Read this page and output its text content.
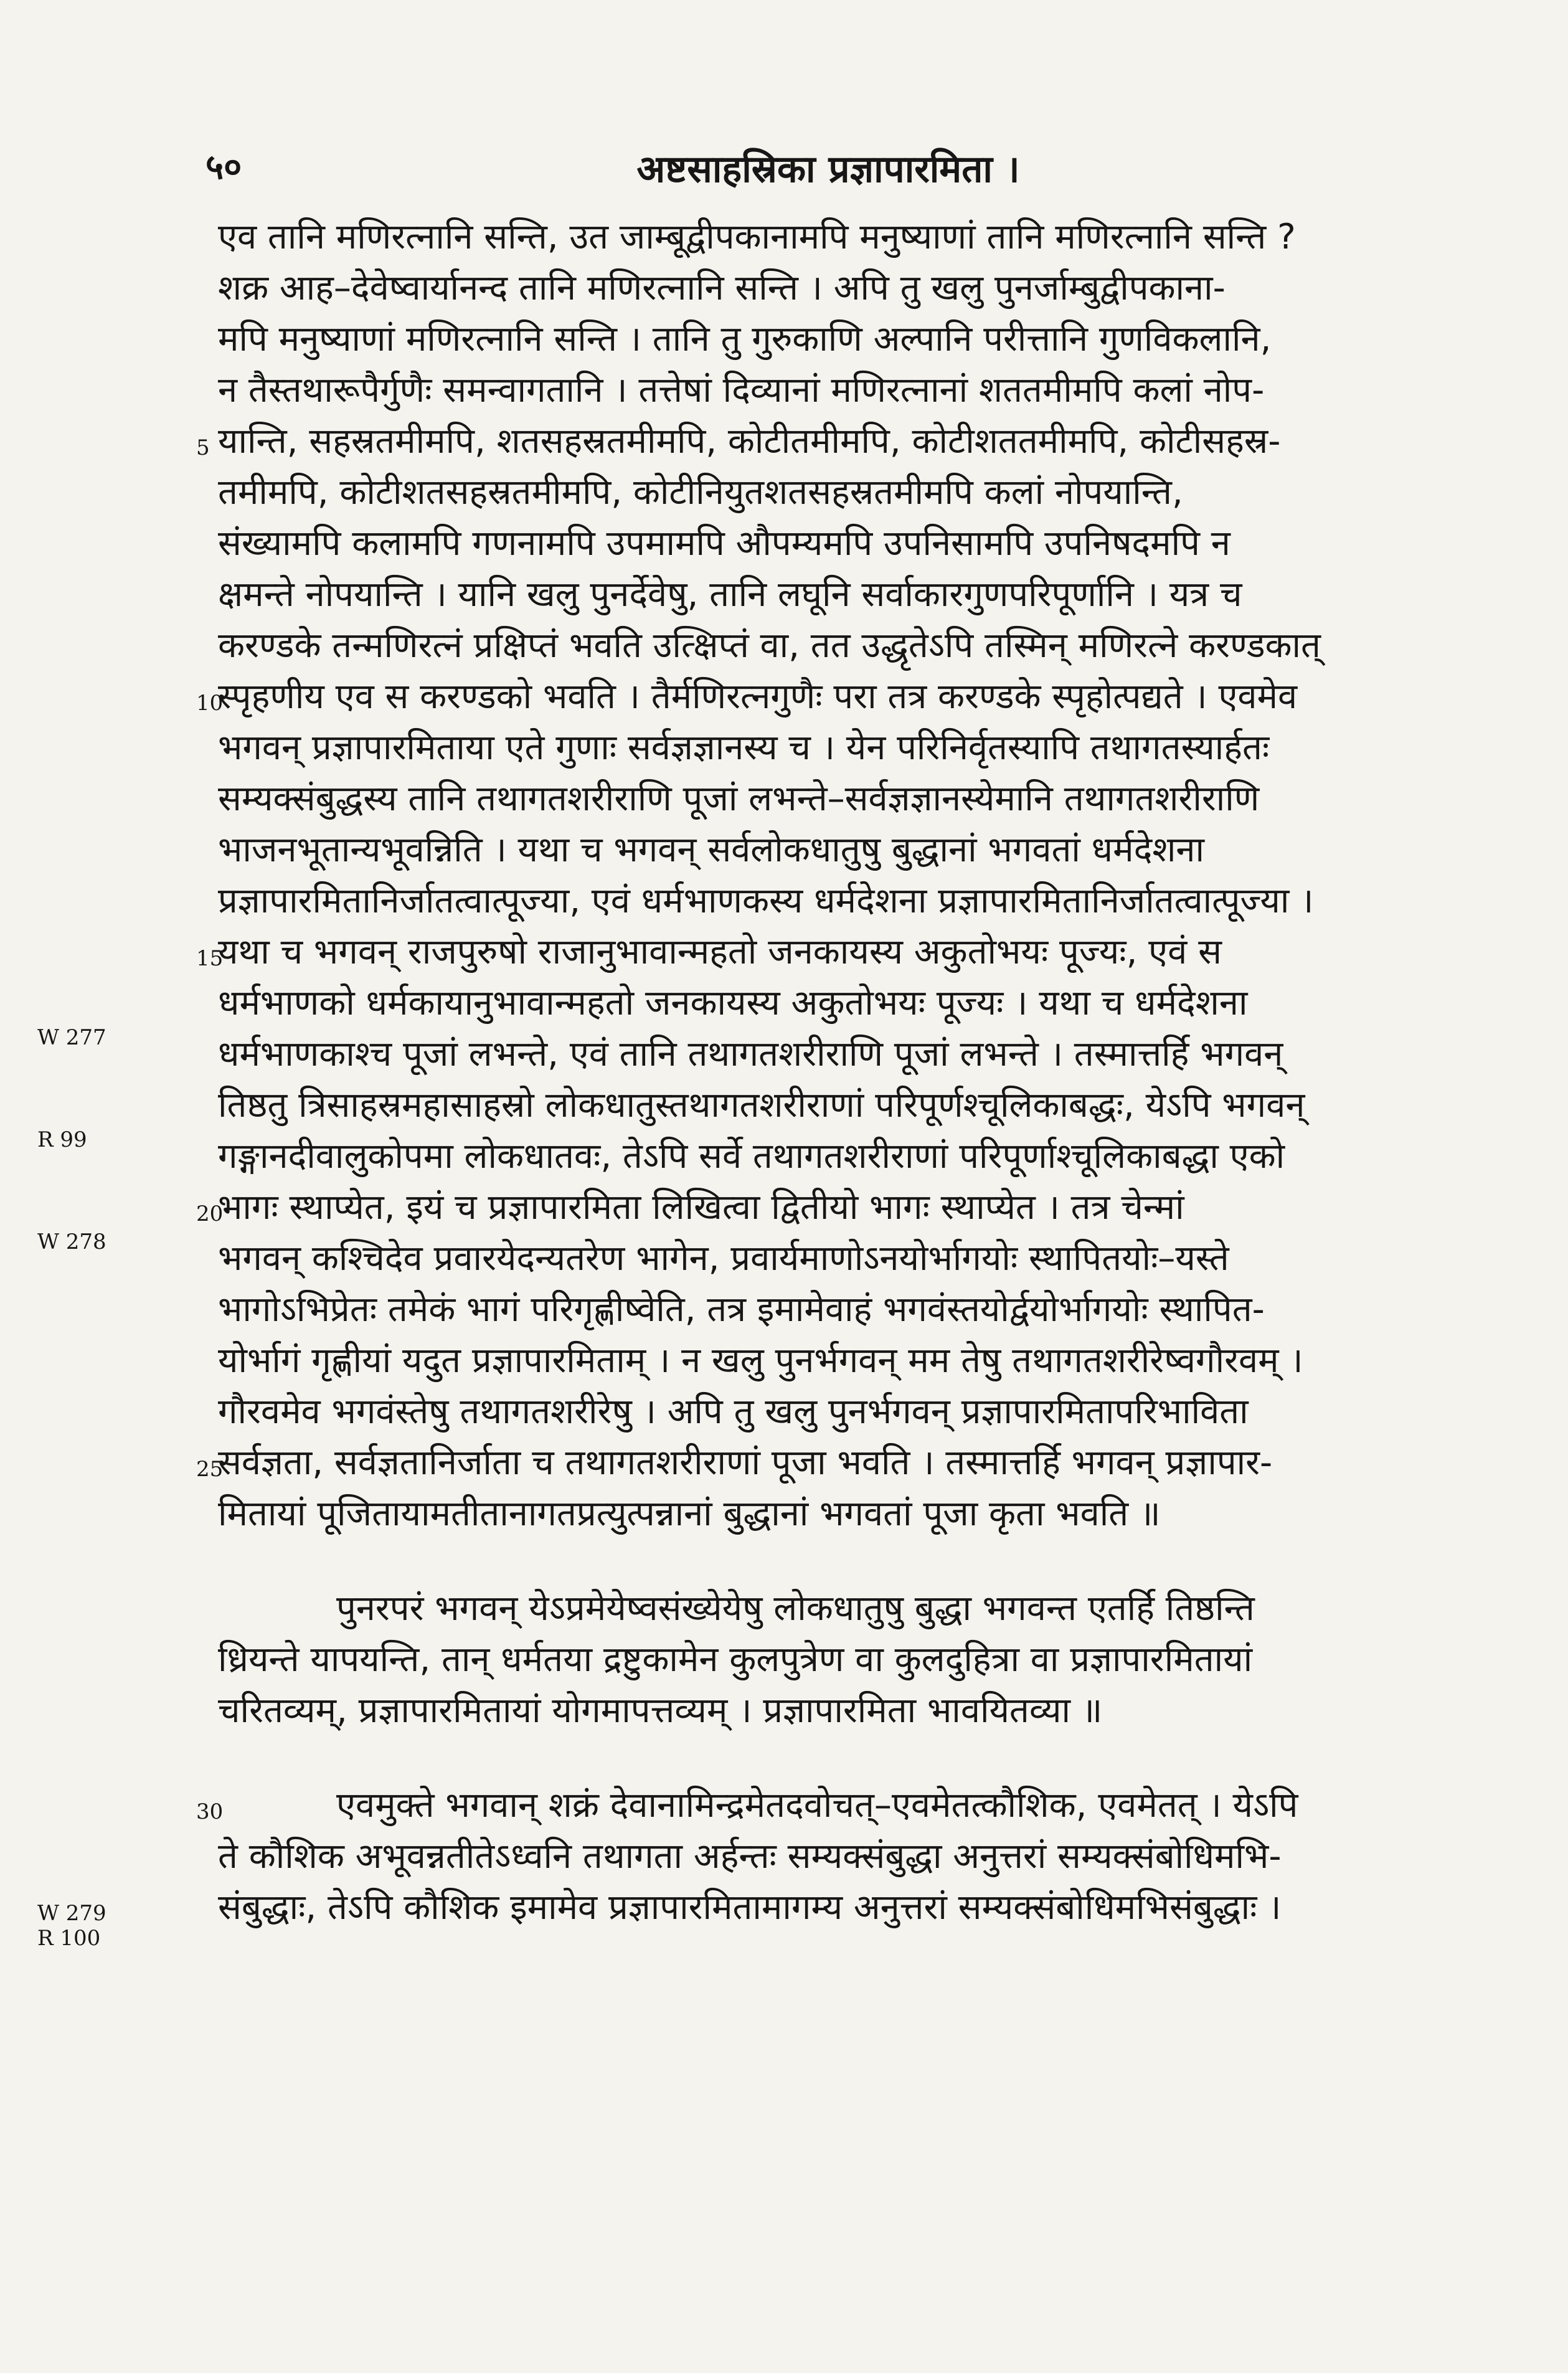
५०	अष्टसाहस्रिका प्रज्ञापारमिता ।
W 277
R 99
W 278
W 279
R 100
एव तानि मणिरत्नानि सन्ति, उत जाम्बूद्वीपकानामपि मनुष्याणां तानि मणिरत्नानि सन्ति ?
शक्र आह–देवेष्वार्यानन्द तानि मणिरत्नानि सन्ति । अपि तु खलु पुनर्जाम्बुद्वीपकाना-
मपि मनुष्याणां मणिरत्नानि सन्ति । तानि तु गुरुकाणि अल्पानि परीत्तानि गुणविकलानि,
न तैस्तथारूपैर्गुणैः समन्वागतानि । तत्तेषां दिव्यानां मणिरत्नानां शततमीमपि कलां नोप-
5 यान्ति, सहस्रतमीमपि, शतसहस्रतमीमपि, कोटीतमीमपि, कोटीशततमीमपि, कोटीसहस्र-
तमीमपि, कोटीशतसहस्रतमीमपि, कोटीनियुतशतसहस्रतमीमपि कलां नोपयान्ति,
संख्यामपि कलामपि गणनामपि उपमामपि औपम्यमपि उपनिसामपि उपनिषदमपि न
क्षमन्ते नोपयान्ति । यानि खलु पुनर्देवेषु, तानि लघूनि सर्वाकारगुणपरिपूर्णानि । यत्र च
करण्डके तन्मणिरत्नं प्रक्षिप्तं भवति उत्क्षिप्तं वा, तत उद्धृतेऽपि तस्मिन् मणिरत्ने करण्डकात्
10
स्पृहणीय एव स करण्डको भवति । तैर्मणिरत्नगुणैः परा तत्र करण्डके स्पृहोत्पद्यते । एवमेव
भगवन् प्रज्ञापारमिताया एते गुणाः सर्वज्ञज्ञानस्य च । येन परिनिर्वृतस्यापि तथागतस्यार्हतः
सम्यक्संबुद्धस्य तानि तथागतशरीराणि पूजां लभन्ते–सर्वज्ञज्ञानस्येमानि तथागतशरीराणि
भाजनभूतान्यभूवन्निति । यथा च भगवन् सर्वलोकधातुषु बुद्धानां भगवतां धर्मदेशना
प्रज्ञापारमितानिर्जातत्वात्पूज्या, एवं धर्मभाणकस्य धर्मदेशना प्रज्ञापारमितानिर्जातत्वात्पूज्या ।
15
यथा च भगवन् राजपुरुषो राजानुभावान्महतो जनकायस्य अकुतोभयः पूज्यः, एवं स
धर्मभाणको धर्मकायानुभावान्महतो जनकायस्य अकुतोभयः पूज्यः । यथा च धर्मदेशना
धर्मभाणकाश्च पूजां लभन्ते, एवं तानि तथागतशरीराणि पूजां लभन्ते । तस्मात्तर्हि भगवन्
तिष्ठतु त्रिसाहस्रमहासाहस्रो लोकधातुस्तथागतशरीराणां परिपूर्णश्चूलिकाबद्धः, येऽपि भगवन्
गङ्गानदीवालुकोपमा लोकधातवः, तेऽपि सर्वे तथागतशरीराणां परिपूर्णाश्चूलिकाबद्धा एको
20
भागः स्थाप्येत, इयं च प्रज्ञापारमिता लिखित्वा द्वितीयो भागः स्थाप्येत । तत्र चेन्मां
भगवन् कश्चिदेव प्रवारयेदन्यतरेण भागेन, प्रवार्यमाणोऽनयोर्भागयोः स्थापितयोः–यस्ते
भागोऽभिप्रेतः तमेकं भागं परिगृह्णीष्वेति, तत्र इमामेवाहं भगवंस्तयोर्द्वयोर्भागयोः स्थापित-
योर्भागं गृह्णीयां यदुत प्रज्ञापारमिताम् । न खलु पुनर्भगवन् मम तेषु तथागतशरीरेष्वगौरवम् ।
गौरवमेव भगवंस्तेषु तथागतशरीरेषु । अपि तु खलु पुनर्भगवन् प्रज्ञापारमितापरिभाविता
25
सर्वज्ञता, सर्वज्ञतानिर्जाता च तथागतशरीराणां पूजा भवति । तस्मात्तर्हि भगवन् प्रज्ञापार-
मितायां पूजितायामतीतानागतप्रत्युत्पन्नानां बुद्धानां भगवतां पूजा कृता भवति ॥
पुनरपरं भगवन् येऽप्रमेयेष्वसंख्येयेषु लोकधातुषु बुद्धा भगवन्त एतर्हि तिष्ठन्ति
ध्रियन्ते यापयन्ति, तान् धर्मतया द्रष्टुकामेन कुलपुत्रेण वा कुलदुहित्रा वा प्रज्ञापारमितायां
चरितव्यम्, प्रज्ञापारमितायां योगमापत्तव्यम् । प्रज्ञापारमिता भावयितव्या ॥
30	एवमुक्ते भगवान् शक्रं देवानामिन्द्रमेतदवोचत्–एवमेतत्कौशिक, एवमेतत् । येऽपि
ते कौशिक अभूवन्नतीतेऽध्वनि तथागता अर्हन्तः सम्यक्संबुद्धा अनुत्तरां सम्यक्संबोधिमभि-
संबुद्धाः, तेऽपि कौशिक इमामेव प्रज्ञापारमितामागम्य अनुत्तरां सम्यक्संबोधिमभिसंबुद्धाः ।
